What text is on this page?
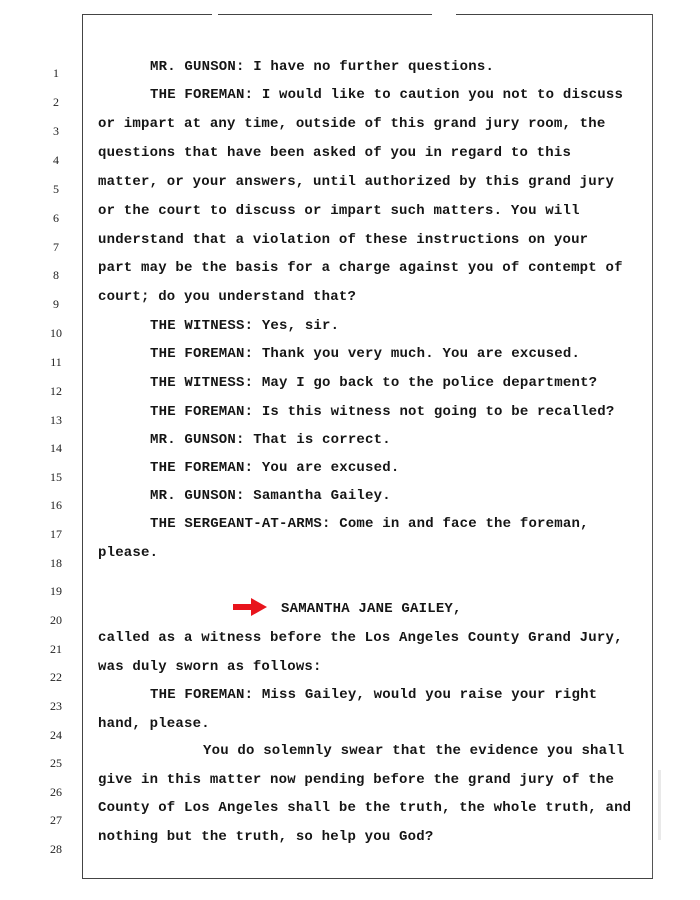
1
2
3
4
5
6
7
8
9
10
11
12
13
14
15
16
17
18
19
20
21
22
23
24
25
26
27
28
MR. GUNSON: I have no further questions.
THE FOREMAN: I would like to caution you not to discuss
or impart at any time, outside of this grand jury room, the
questions that have been asked of you in regard to this
matter, or your answers, until authorized by this grand jury
or the court to discuss or impart such matters. You will
understand that a violation of these instructions on your
part may be the basis for a charge against you of contempt of
court; do you understand that?
THE WITNESS: Yes, sir.
THE FOREMAN: Thank you very much. You are excused.
THE WITNESS: May I go back to the police department?
THE FOREMAN: Is this witness not going to be recalled?
MR. GUNSON: That is correct.
THE FOREMAN: You are excused.
MR. GUNSON: Samantha Gailey.
THE SERGEANT-AT-ARMS: Come in and face the foreman,
please.
SAMANTHA JANE GAILEY,
called as a witness before the Los Angeles County Grand Jury,
was duly sworn as follows:
THE FOREMAN: Miss Gailey, would you raise your right
hand, please.
You do solemnly swear that the evidence you shall
give in this matter now pending before the grand jury of the
County of Los Angeles shall be the truth, the whole truth, and
nothing but the truth, so help you God?
